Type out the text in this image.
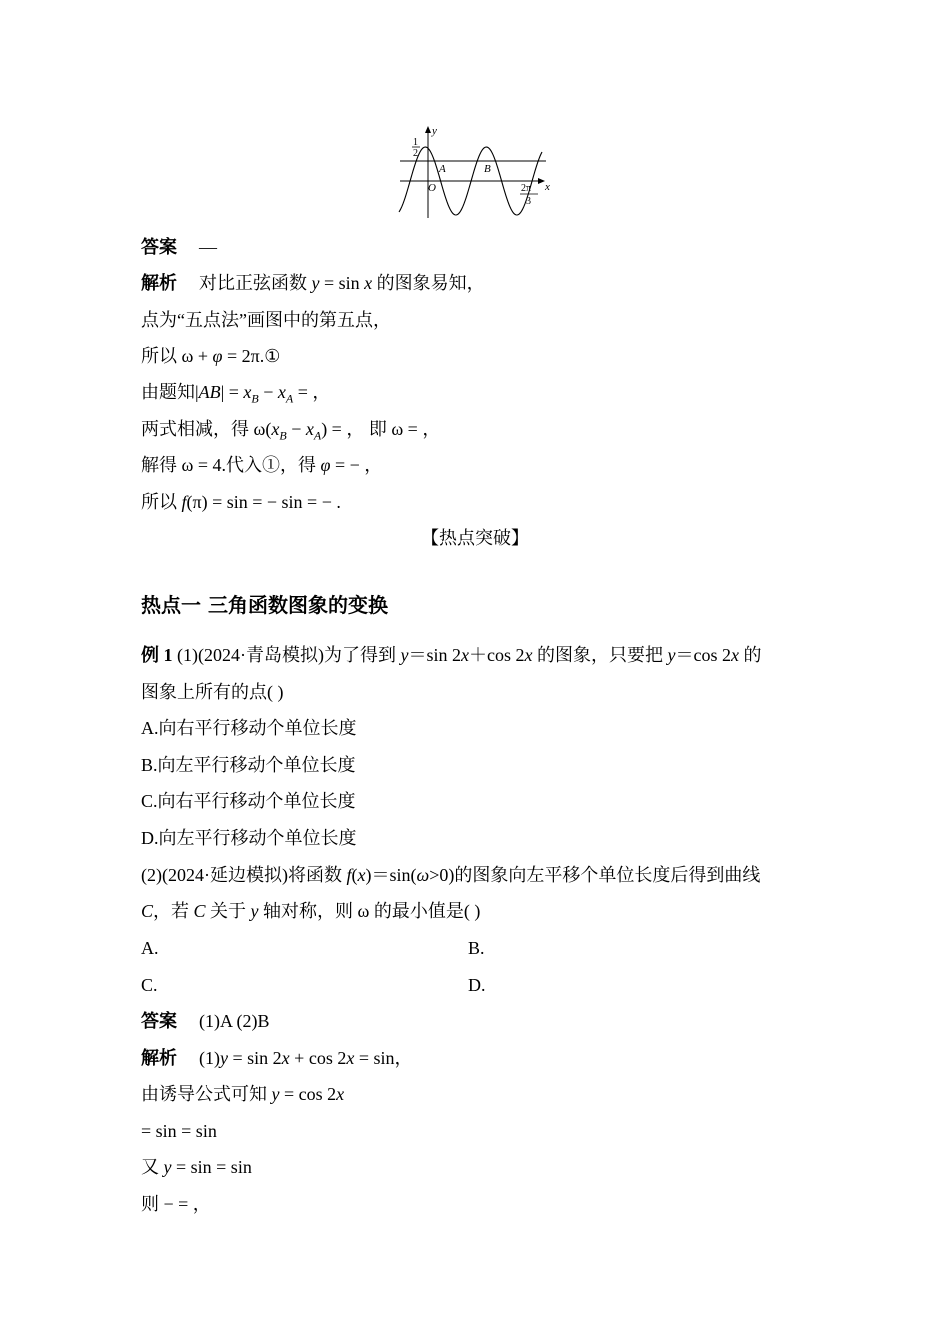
y
x
1
2
O
A	B
2π
3
答案 —
解析 对比正弦函数 y = sin x 的图象易知，
点为“五点法”画图中的第五点，
所以 ω + φ = 2π.①
由题知$|AB| = x_B - x_A$ = ，
两式相减，得 $\omega(x_B - x_A)$ = ， 即 ω = ，
解得 ω = 4.代入①，得 φ = − ，
所以 f(π) = sin = − sin = − .
【热点突破】
热点一 三角函数图象的变换
例 1 (1)(2024·青岛模拟)为了得到 y＝sin 2x＋cos 2x 的图象，只要把 y＝cos 2x 的
图象上所有的点( )
A.向右平行移动个单位长度
B.向左平行移动个单位长度
C.向右平行移动个单位长度
D.向左平行移动个单位长度
(2)(2024·延边模拟)将函数 f(x)＝sin(ω>0)的图象向左平移个单位长度后得到曲线
C，若 C 关于 y 轴对称，则 ω 的最小值是( )
A.	B.
C.	D.
答案 (1)A (2)B
解析 (1)y = sin 2x + cos 2x = sin，
由诱导公式可知 y = cos 2x
= sin = sin
又 y = sin = sin
则 − = ，
